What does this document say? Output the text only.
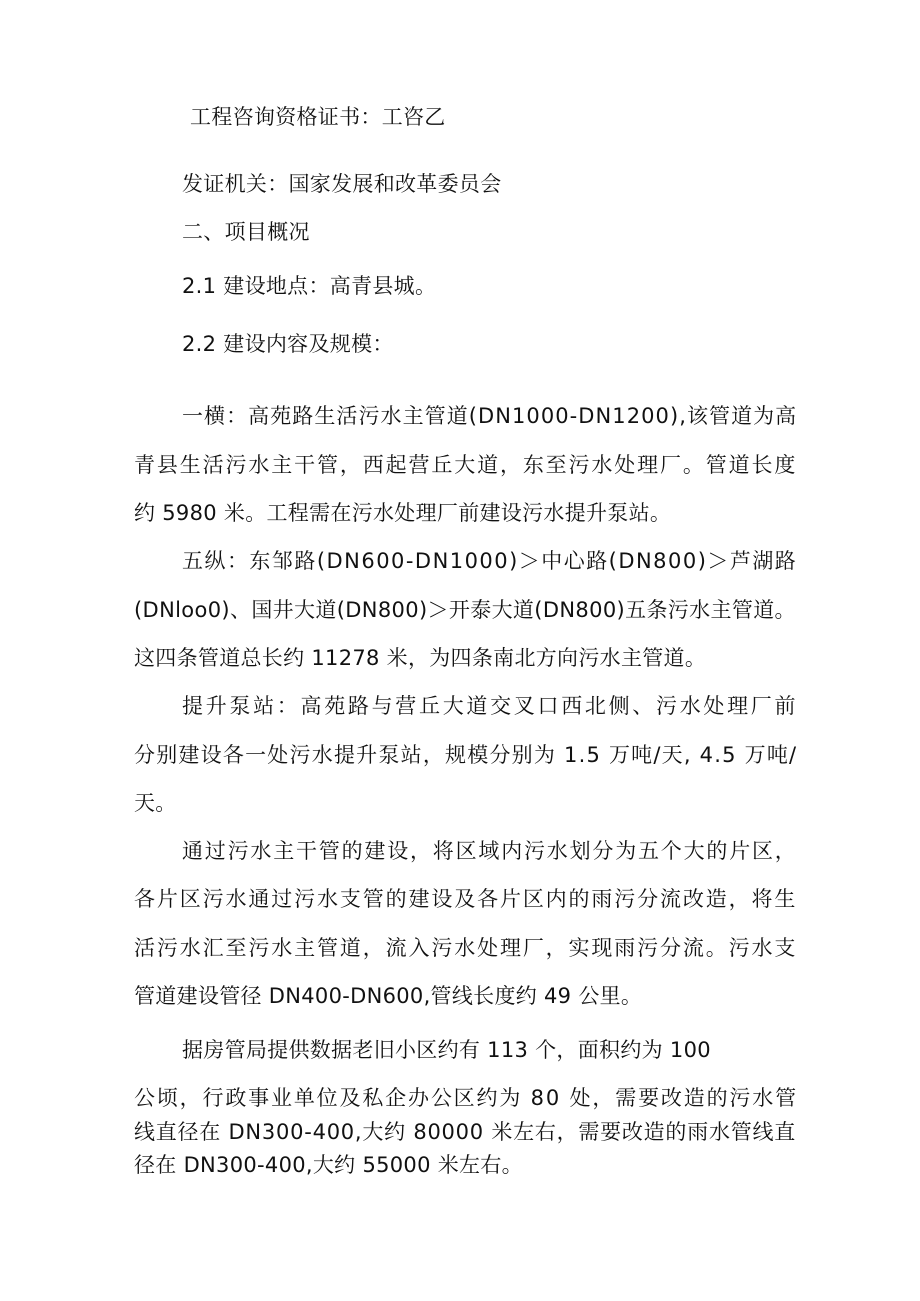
工程咨询资格证书：工咨乙
发证机关：国家发展和改革委员会
二、项目概况
2.1 建设地点：高青县城。
2.2 建设内容及规模：
一横：高苑路生活污水主管道(DN1000-DN1200),该管道为高
青县生活污水主干管，西起营丘大道，东至污水处理厂。管道长度
约 5980 米。工程需在污水处理厂前建设污水提升泵站。
五纵：东邹路(DN600-DN1000)＞中心路(DN800)＞芦湖路
(DNloo0)、国井大道(DN800)＞开泰大道(DN800)五条污水主管道。
这四条管道总长约 11278 米，为四条南北方向污水主管道。
提升泵站：高苑路与营丘大道交叉口西北侧、污水处理厂前
分别建设各一处污水提升泵站，规模分别为 1.5 万吨/天, 4.5 万吨/
天。
通过污水主干管的建设，将区域内污水划分为五个大的片区，
各片区污水通过污水支管的建设及各片区内的雨污分流改造，将生
活污水汇至污水主管道，流入污水处理厂，实现雨污分流。污水支
管道建设管径 DN400-DN600,管线长度约 49 公里。
据房管局提供数据老旧小区约有 113 个，面积约为 100
公顷，行政事业单位及私企办公区约为 80 处，需要改造的污水管
线直径在 DN300-400,大约 80000 米左右，需要改造的雨水管线直
径在 DN300-400,大约 55000 米左右。
